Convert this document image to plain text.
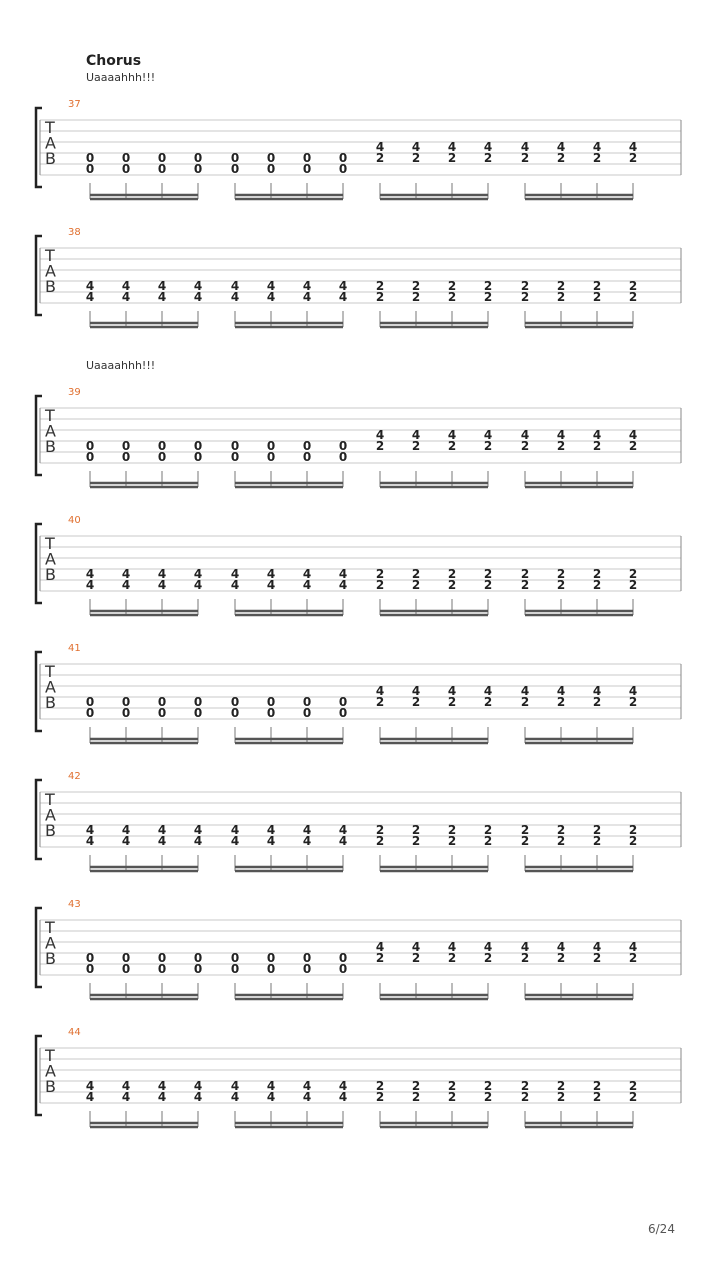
Chorus
Uaaaahhh!!!
Uaaaahhh!!!
37
T
A
B 0
0
0
0
0
0
0
0
0
0
0
0
0
0
0
0
4
2
4
2
4
2
4
2
4
2
4
2
4
2
4
2
38
T
A
B 4
4
4
4
4
4
4
4
4
4
4
4
4
4
4
4
2
2
2
2
2
2
2
2
2
2
2
2
2
2
2
2
39
T
A
B 0
0
0
0
0
0
0
0
0
0
0
0
0
0
0
0
4
2
4
2
4
2
4
2
4
2
4
2
4
2
4
2
40
T
A
B 4
4
4
4
4
4
4
4
4
4
4
4
4
4
4
4
2
2
2
2
2
2
2
2
2
2
2
2
2
2
2
2
41
T
A
B 0
0
0
0
0
0
0
0
0
0
0
0
0
0
0
0
4
2
4
2
4
2
4
2
4
2
4
2
4
2
4
2
42
T
A
B 4
4
4
4
4
4
4
4
4
4
4
4
4
4
4
4
2
2
2
2
2
2
2
2
2
2
2
2
2
2
2
2
43
T
A
B 0
0
0
0
0
0
0
0
0
0
0
0
0
0
0
0
4
2
4
2
4
2
4
2
4
2
4
2
4
2
4
2
44
T
A
B 4
4
4
4
4
4
4
4
4
4
4
4
4
4
4
4
2
2
2
2
2
2
2
2
2
2
2
2
2
2
2
2
6/24
